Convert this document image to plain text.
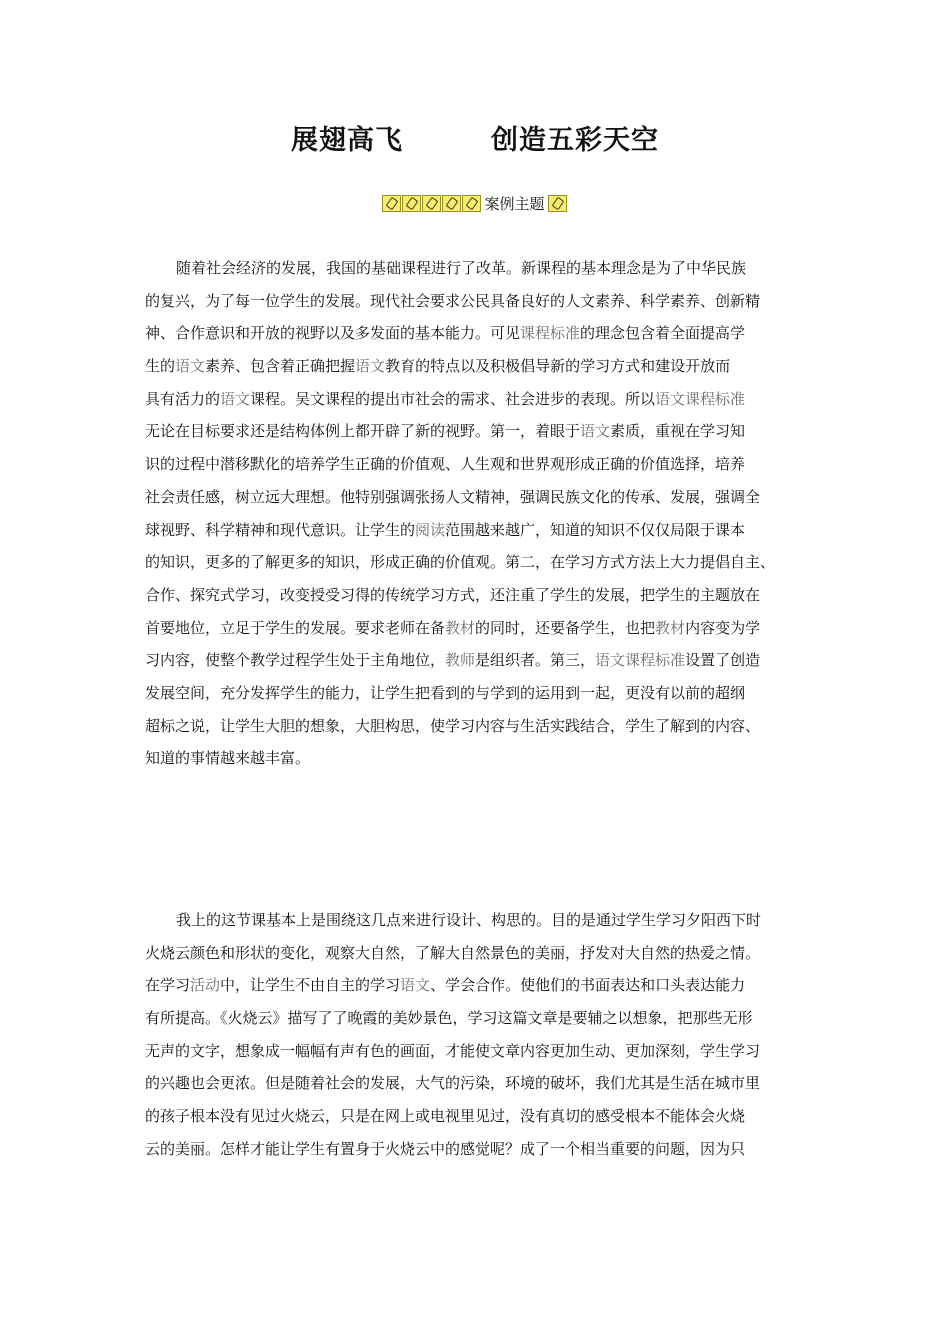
展翅高飞	创造五彩天空
案例主题
随着社会经济的发展，我国的基础课程进行了改革。新课程的基本理念是为了中华民族
的复兴，为了每一位学生的发展。现代社会要求公民具备良好的人文素养、科学素养、创新精
神、合作意识和开放的视野以及多发面的基本能力。可见课程标准的理念包含着全面提高学
生的语文素养、包含着正确把握语文教育的特点以及积极倡导新的学习方式和建设开放而
具有活力的语文课程。吴文课程的提出市社会的需求、社会进步的表现。所以语文课程标准
无论在目标要求还是结构体例上都开辟了新的视野。第一，着眼于语文素质，重视在学习知
识的过程中潜移默化的培养学生正确的价值观、人生观和世界观形成正确的价值选择，培养
社会责任感，树立远大理想。他特别强调张扬人文精神，强调民族文化的传承、发展，强调全
球视野、科学精神和现代意识。让学生的阅读范围越来越广，知道的知识不仅仅局限于课本
的知识，更多的了解更多的知识，形成正确的价值观。第二，在学习方式方法上大力提倡自主、
合作、探究式学习，改变授受习得的传统学习方式，还注重了学生的发展，把学生的主题放在
首要地位，立足于学生的发展。要求老师在备教材的同时，还要备学生，也把教材内容变为学
习内容，使整个教学过程学生处于主角地位，教师是组织者。第三，语文课程标准设置了创造
发展空间，充分发挥学生的能力，让学生把看到的与学到的运用到一起，更没有以前的超纲
超标之说，让学生大胆的想象，大胆构思，使学习内容与生活实践结合，学生了解到的内容、
知道的事情越来越丰富。
我上的这节课基本上是围绕这几点来进行设计、构思的。目的是通过学生学习夕阳西下时
火烧云颜色和形状的变化，观察大自然，了解大自然景色的美丽，抒发对大自然的热爱之情。
在学习活动中，让学生不由自主的学习语文、学会合作。使他们的书面表达和口头表达能力
有所提高。《火烧云》描写了了晚霞的美妙景色，学习这篇文章是要辅之以想象，把那些无形
无声的文字，想象成一幅幅有声有色的画面，才能使文章内容更加生动、更加深刻，学生学习
的兴趣也会更浓。但是随着社会的发展，大气的污染，环境的破坏，我们尤其是生活在城市里
的孩子根本没有见过火烧云，只是在网上或电视里见过，没有真切的感受根本不能体会火烧
云的美丽。怎样才能让学生有置身于火烧云中的感觉呢？成了一个相当重要的问题，因为只
